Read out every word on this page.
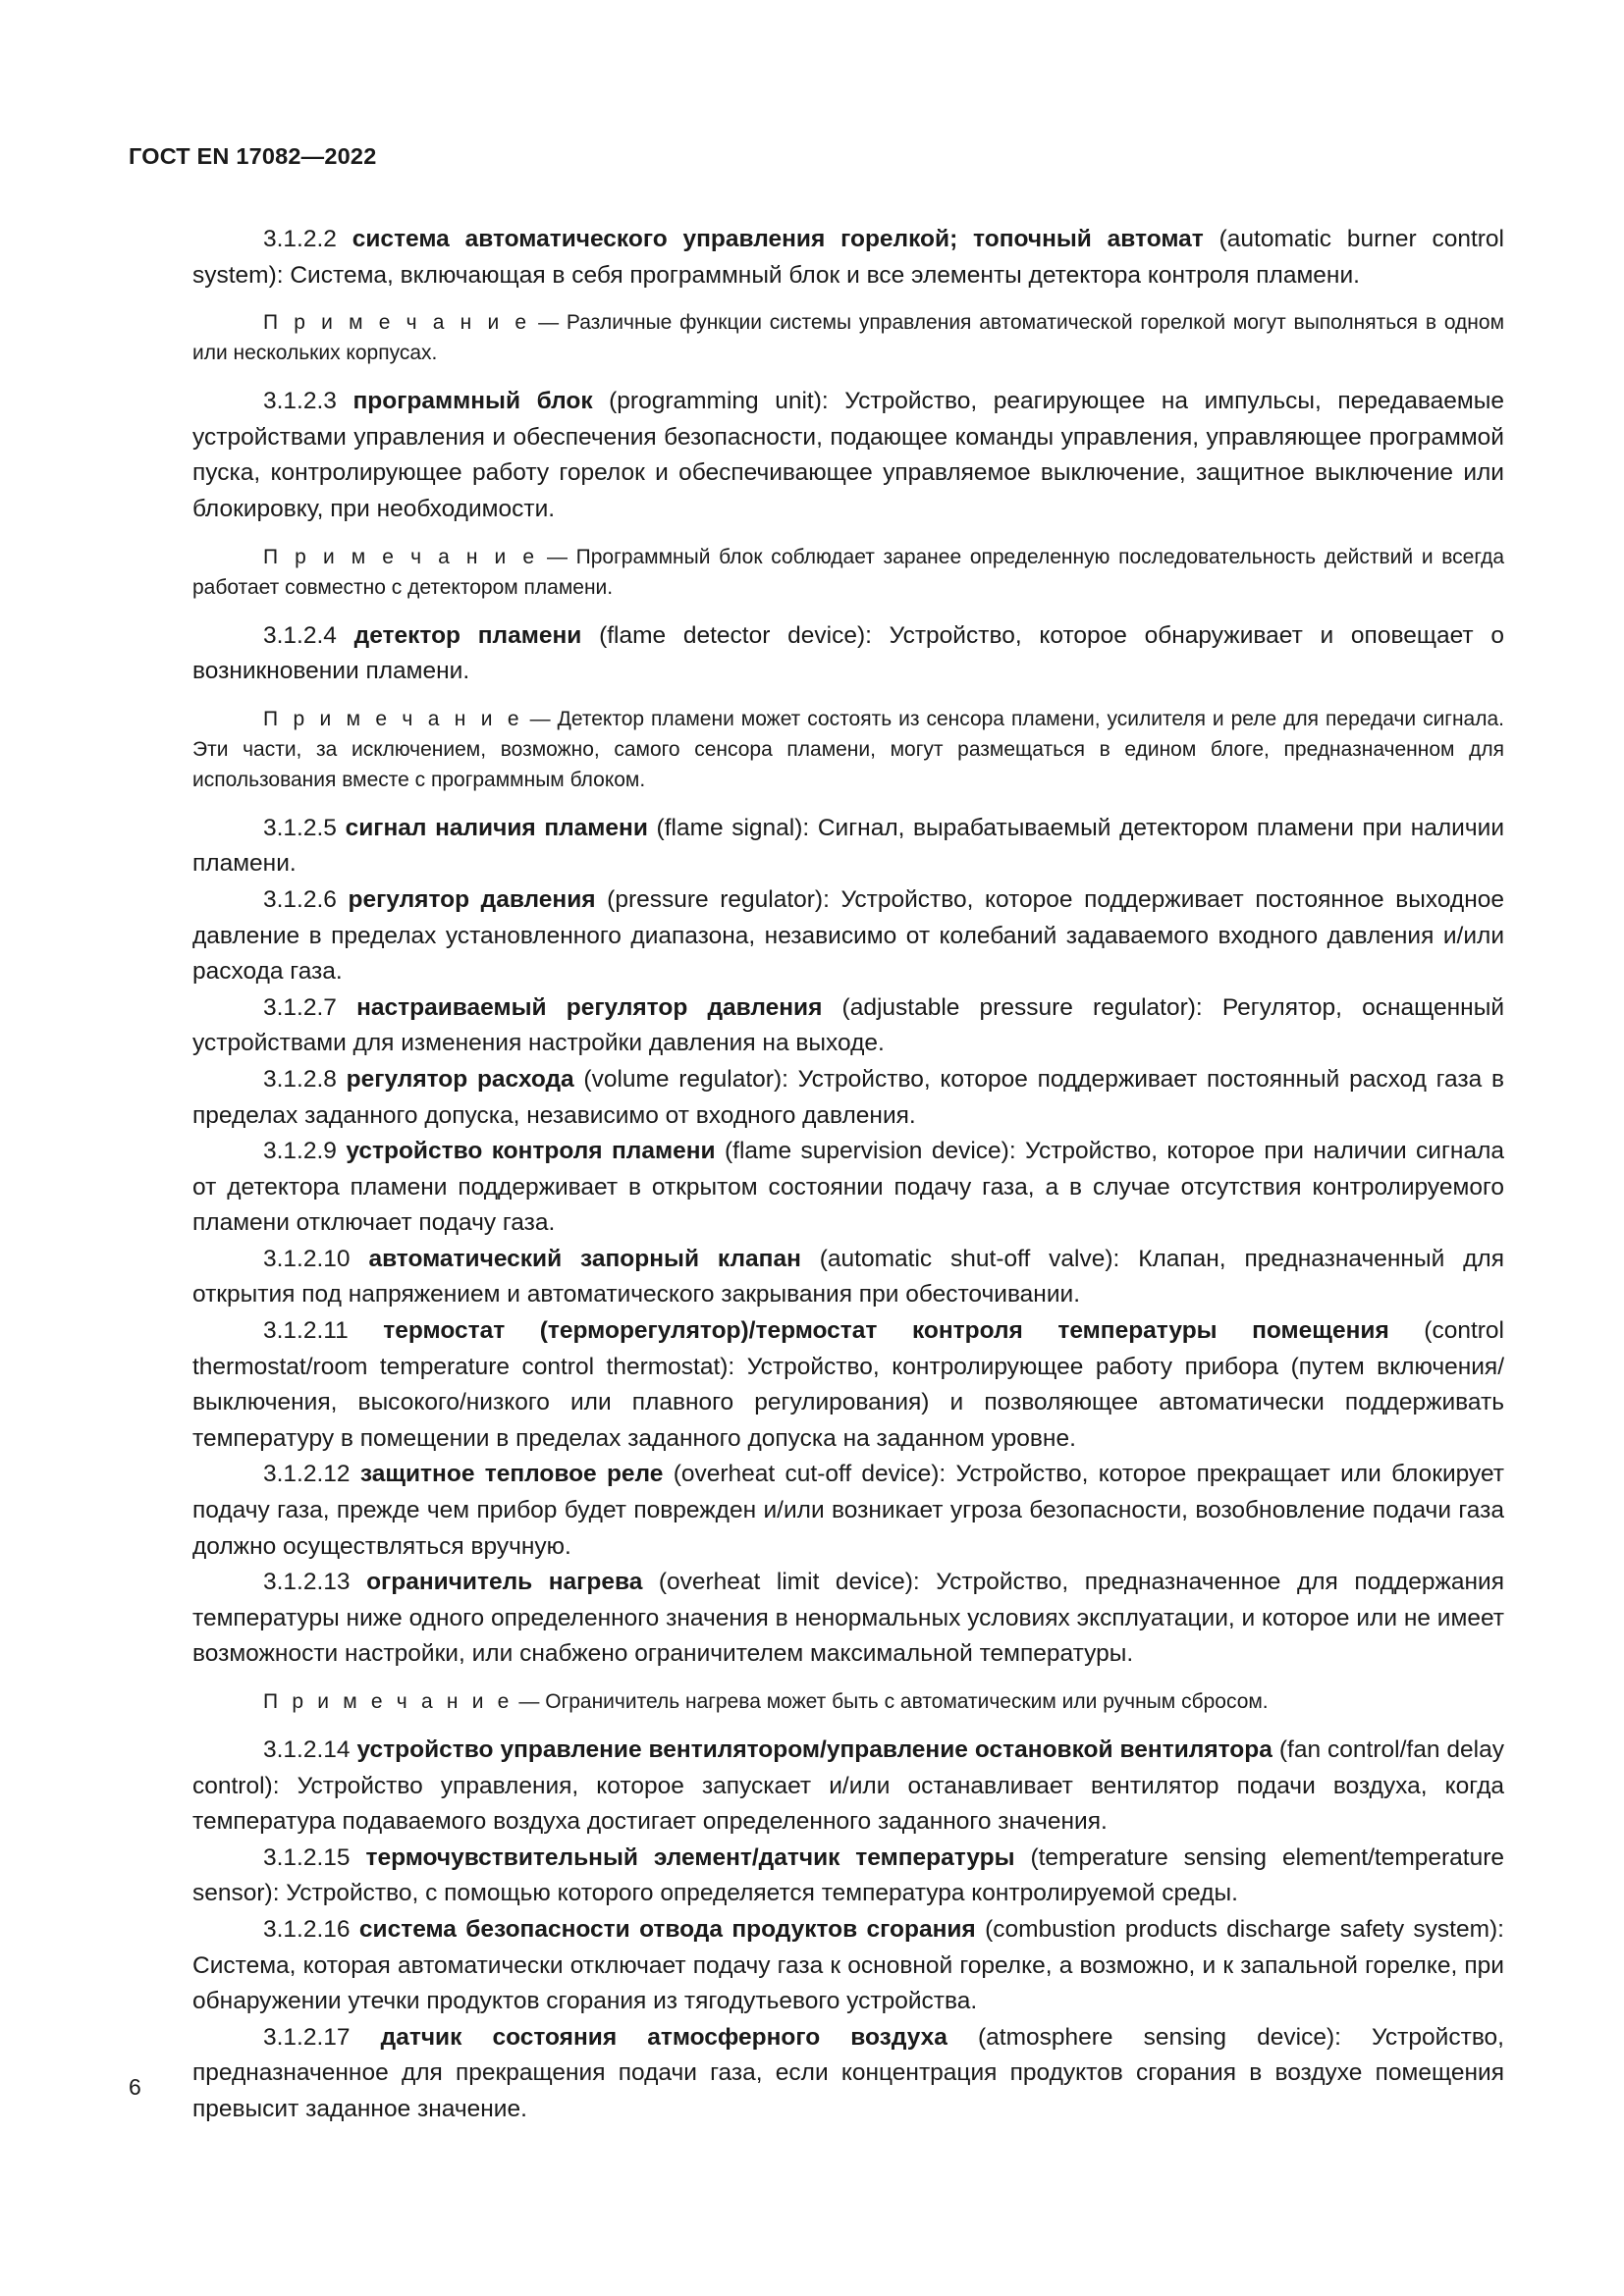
ГОСТ EN 17082—2022

3.1.2.2 система автоматического управления горелкой; топочный автомат (automatic burner control system): Система, включающая в себя программный блок и все элементы детектора контроля пламени.

П р и м е ч а н и е — Различные функции системы управления автоматической горелкой могут выполняться в одном или нескольких корпусах.

3.1.2.3 программный блок (programming unit): Устройство, реагирующее на импульсы, передаваемые устройствами управления и обеспечения безопасности, подающее команды управления, управляющее программой пуска, контролирующее работу горелок и обеспечивающее управляемое выключение, защитное выключение или блокировку, при необходимости.

П р и м е ч а н и е — Программный блок соблюдает заранее определенную последовательность действий и всегда работает совместно с детектором пламени.

3.1.2.4 детектор пламени (flame detector device): Устройство, которое обнаруживает и оповещает о возникновении пламени.

П р и м е ч а н и е — Детектор пламени может состоять из сенсора пламени, усилителя и реле для передачи сигнала. Эти части, за исключением, возможно, самого сенсора пламени, могут размещаться в едином блоге, предназначенном для использования вместе с программным блоком.

3.1.2.5 сигнал наличия пламени (flame signal): Сигнал, вырабатываемый детектором пламени при наличии пламени.

3.1.2.6 регулятор давления (pressure regulator): Устройство, которое поддерживает постоянное выходное давление в пределах установленного диапазона, независимо от колебаний задаваемого входного давления и/или расхода газа.

3.1.2.7 настраиваемый регулятор давления (adjustable pressure regulator): Регулятор, оснащенный устройствами для изменения настройки давления на выходе.

3.1.2.8 регулятор расхода (volume regulator): Устройство, которое поддерживает постоянный расход газа в пределах заданного допуска, независимо от входного давления.

3.1.2.9 устройство контроля пламени (flame supervision device): Устройство, которое при наличии сигнала от детектора пламени поддерживает в открытом состоянии подачу газа, а в случае отсутствия контролируемого пламени отключает подачу газа.

3.1.2.10 автоматический запорный клапан (automatic shut-off valve): Клапан, предназначенный для открытия под напряжением и автоматического закрывания при обесточивании.

3.1.2.11 термостат (терморегулятор)/термостат контроля температуры помещения (control thermostat/room temperature control thermostat): Устройство, контролирующее работу прибора (путем включения/выключения, высокого/низкого или плавного регулирования) и позволяющее автоматически поддерживать температуру в помещении в пределах заданного допуска на заданном уровне.

3.1.2.12 защитное тепловое реле (overheat cut-off device): Устройство, которое прекращает или блокирует подачу газа, прежде чем прибор будет поврежден и/или возникает угроза безопасности, возобновление подачи газа должно осуществляться вручную.

3.1.2.13 ограничитель нагрева (overheat limit device): Устройство, предназначенное для поддержания температуры ниже одного определенного значения в ненормальных условиях эксплуатации, и которое или не имеет возможности настройки, или снабжено ограничителем максимальной температуры.

П р и м е ч а н и е — Ограничитель нагрева может быть с автоматическим или ручным сбросом.

3.1.2.14 устройство управление вентилятором/управление остановкой вентилятора (fan control/fan delay control): Устройство управления, которое запускает и/или останавливает вентилятор подачи воздуха, когда температура подаваемого воздуха достигает определенного заданного значения.

3.1.2.15 термочувствительный элемент/датчик температуры (temperature sensing element/temperature sensor): Устройство, с помощью которого определяется температура контролируемой среды.

3.1.2.16 система безопасности отвода продуктов сгорания (combustion products discharge safety system): Система, которая автоматически отключает подачу газа к основной горелке, а возможно, и к запальной горелке, при обнаружении утечки продуктов сгорания из тягодутьевого устройства.

3.1.2.17 датчик состояния атмосферного воздуха (atmosphere sensing device): Устройство, предназначенное для прекращения подачи газа, если концентрация продуктов сгорания в воздухе помещения превысит заданное значение.

6
